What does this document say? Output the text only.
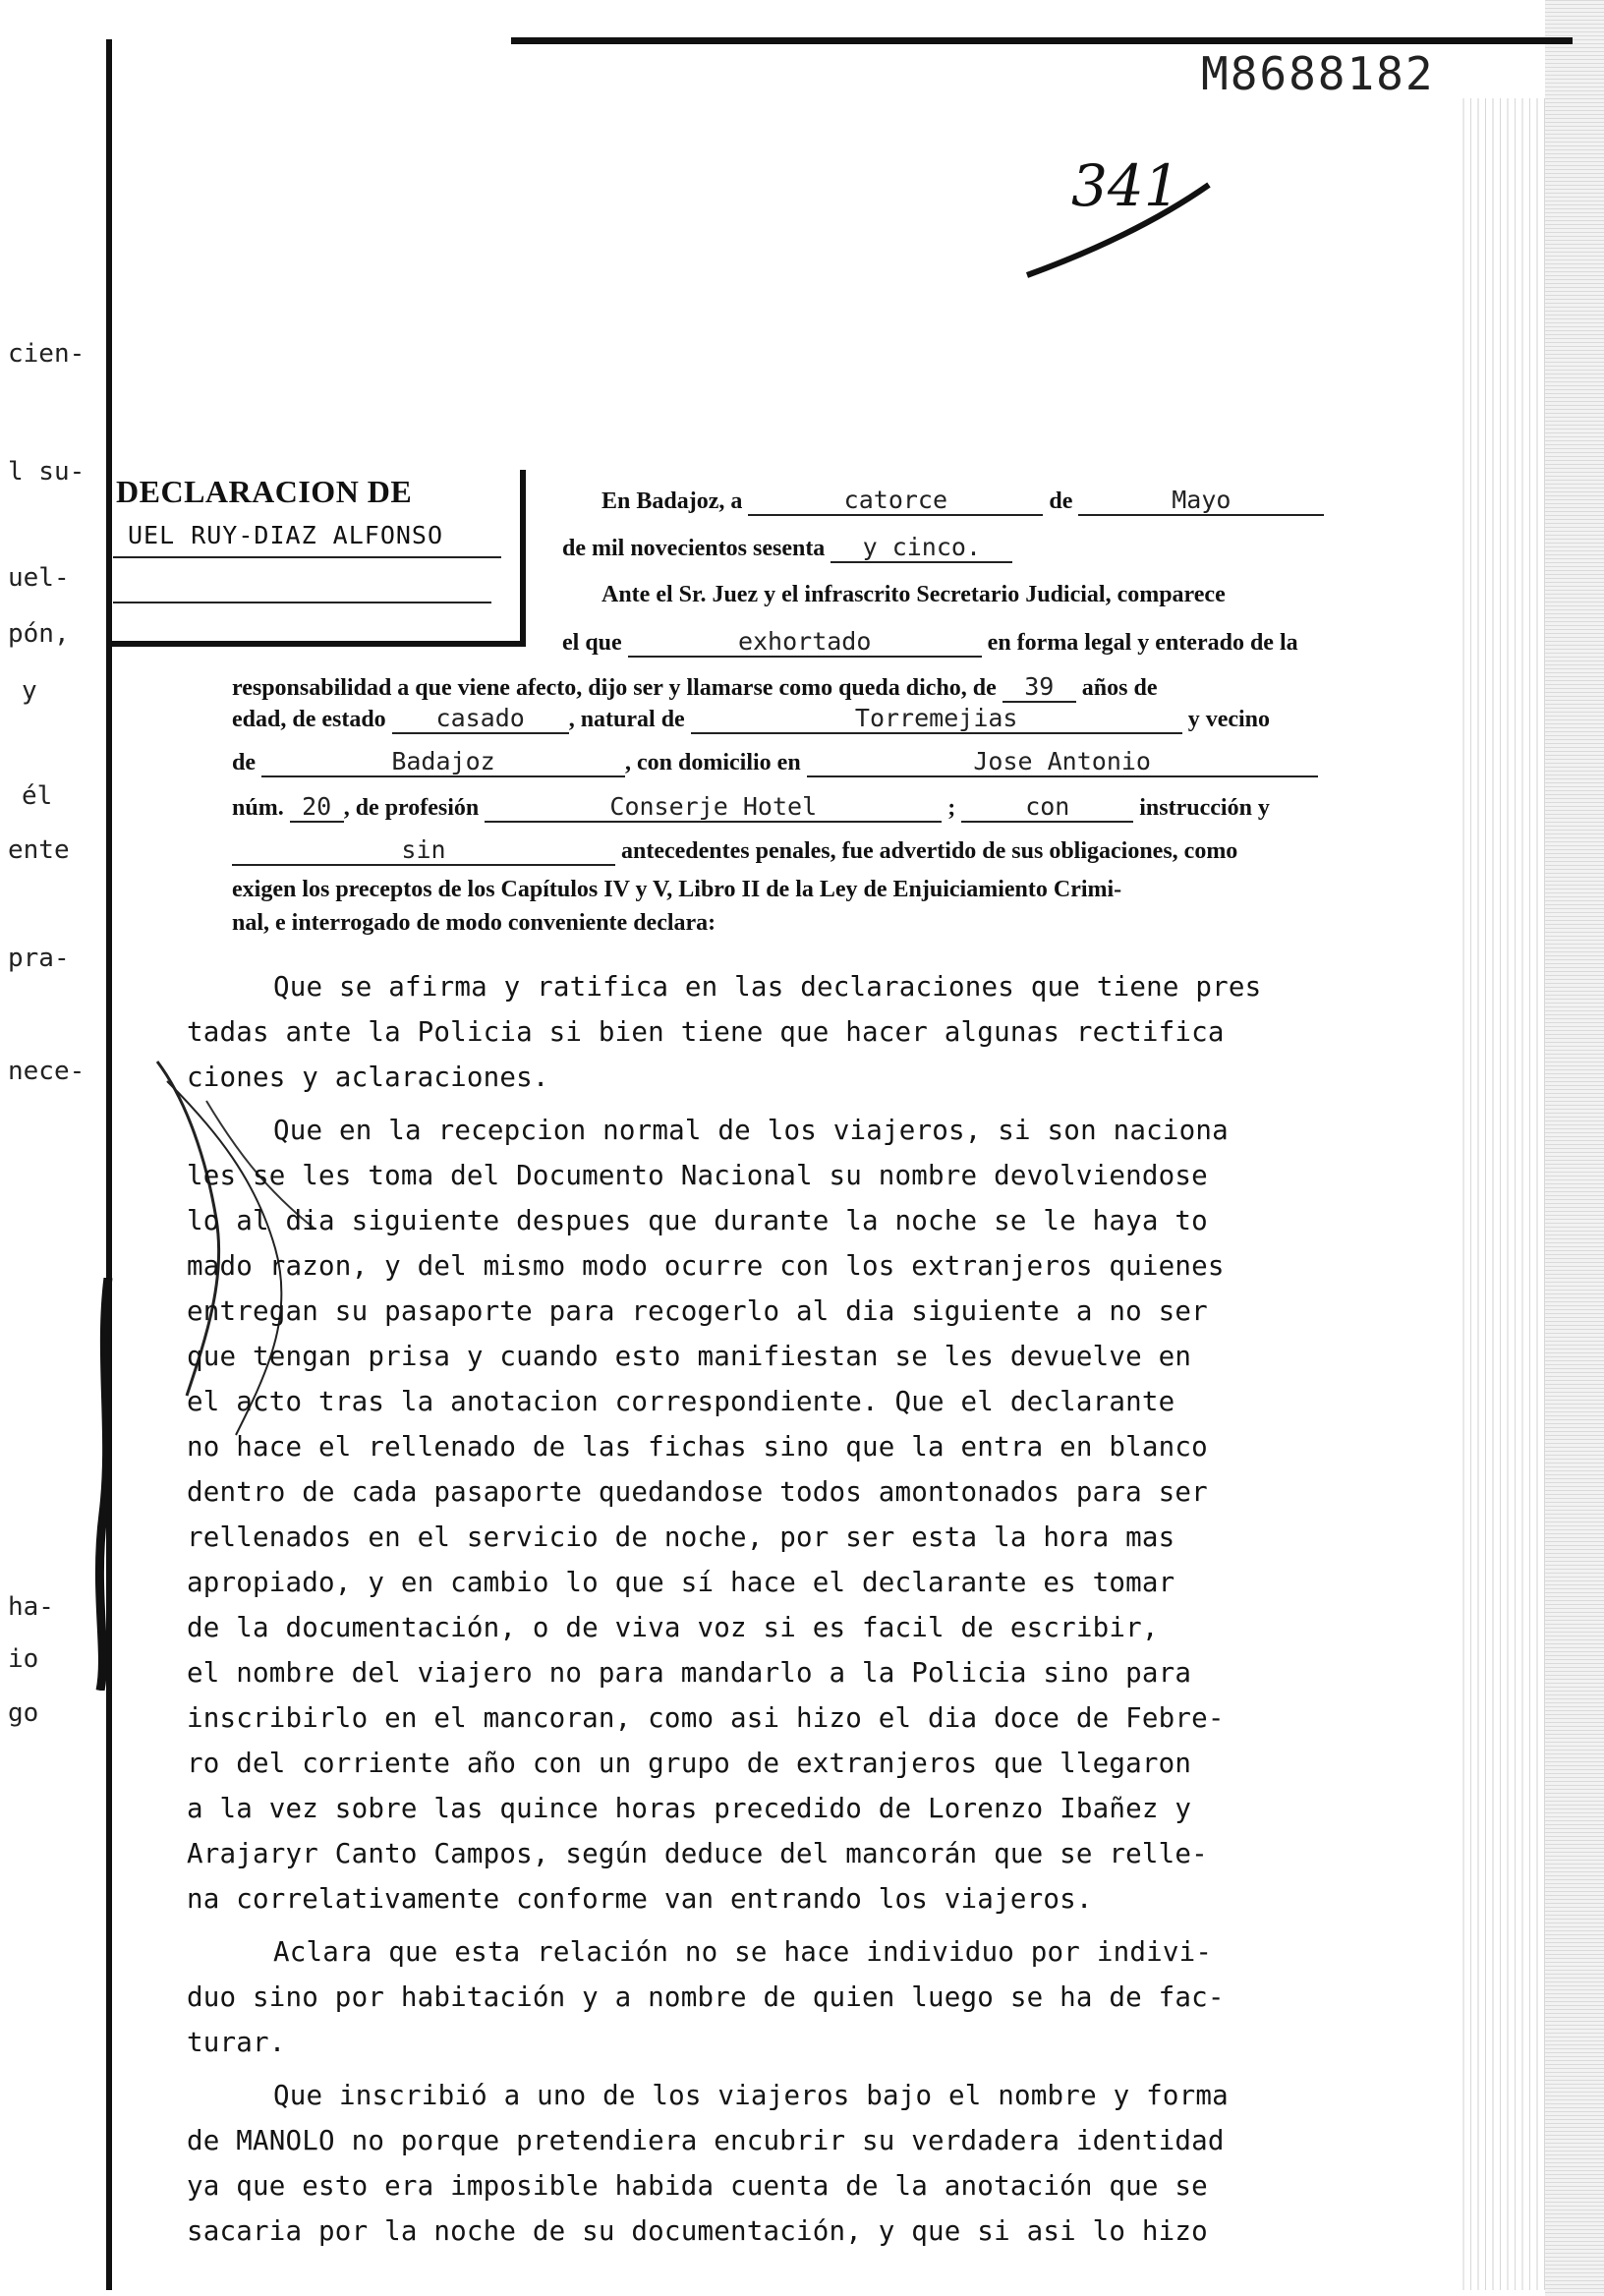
M8688182
341
cien-
l su-
uel-
pón,
y
él
ente
pra-
nece-
ha-
io
go
DECLARACION DE
UEL RUY-DIAZ ALFONSO
En Badajoz, a	catorce	de	Mayo
de mil novecientos sesenta y cinco.
Ante el Sr. Juez y el infrascrito Secretario Judicial, comparece
el que	exhortado	en forma legal y enterado de la
responsabilidad a que viene afecto, dijo ser y llamarse como queda dicho, de 39 años de
edad, de estado casado , natural de	Torremejias	y vecino
de	Badajoz	, con domicilio en	Jose Antonio
núm. 20 , de profesión	Conserje Hotel	;	con	instrucción y
sin	antecedentes penales, fue advertido de sus obligaciones, como
exigen los preceptos de los Capítulos IV y V, Libro II de la Ley de Enjuiciamiento Crimi-
nal, e interrogado de modo conveniente declara:
Que se afirma y ratifica en las declaraciones que tiene pres
tadas ante la Policia si bien tiene que hacer algunas rectifica
ciones y aclaraciones.
Que en la recepcion normal de los viajeros, si son naciona
les se les toma del Documento Nacional su nombre devolviendose
lo al dia siguiente despues que durante la noche se le haya to
mado razon, y del mismo modo ocurre con los extranjeros quienes
entregan su pasaporte para recogerlo al dia siguiente a no ser
que tengan prisa y cuando esto manifiestan se les devuelve en
el acto tras la anotacion correspondiente. Que el declarante
no hace el rellenado de las fichas sino que la entra en blanco
dentro de cada pasaporte quedandose todos amontonados para ser
rellenados en el servicio de noche, por ser esta la hora mas
apropiado, y en cambio lo que sí hace el declarante es tomar
de la documentación, o de viva voz si es facil de escribir,
el nombre del viajero no para mandarlo a la Policia sino para
inscribirlo en el mancoran, como asi hizo el dia doce de Febre-
ro del corriente año con un grupo de extranjeros que llegaron
a la vez sobre las quince horas precedido de Lorenzo Ibañez y
Arajaryr Canto Campos, según deduce del mancorán que se relle-
na correlativamente conforme van entrando los viajeros.
Aclara que esta relación no se hace individuo por indivi-
duo sino por habitación y a nombre de quien luego se ha de fac-
turar.
Que inscribió a uno de los viajeros bajo el nombre y forma
de MANOLO no porque pretendiera encubrir su verdadera identidad
ya que esto era imposible habida cuenta de la anotación que se
sacaria por la noche de su documentación, y que si asi lo hizo
